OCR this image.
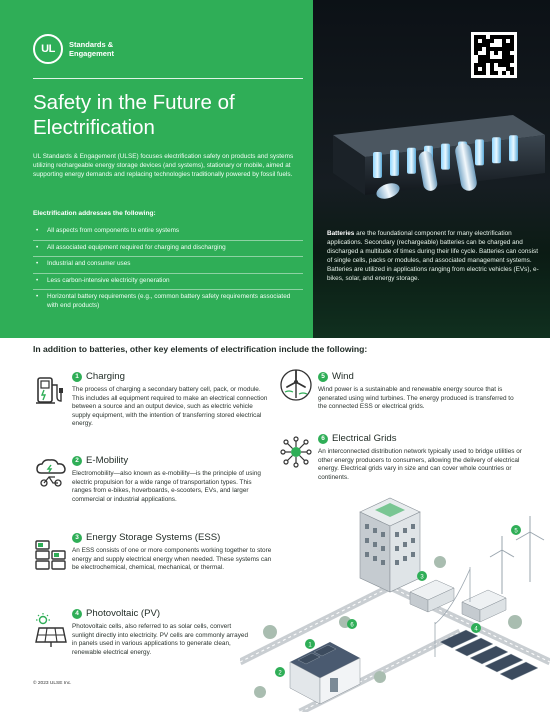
UL	Standards & Engagement
Safety in the Future of Electrification

UL Standards & Engagement (ULSE) focuses electrification safety on products and systems utilizing rechargeable energy storage devices (and systems), stationary or mobile, aimed at supporting energy demands and replacing technologies traditionally powered by fossil fuels.

Electrification addresses the following:
• All aspects from components to entire systems
• All associated equipment required for charging and discharging
• Industrial and consumer uses
• Less carbon-intensive electricity generation
• Horizontal battery requirements (e.g., common battery safety requirements associated with end products)

Batteries are the foundational component for many electrification applications. Secondary (rechargeable) batteries can be charged and discharged a multitude of times during their life cycle. Batteries can consist of single cells, packs or modules, and associated management systems. Batteries are utilized in applications ranging from electric vehicles (EVs), e-bikes, solar, and energy storage.

In addition to batteries, other key elements of electrification include the following:
1 Charging

The process of charging a secondary battery cell, pack, or module. This includes all equipment required to make an electrical connection between a source and an output device, such as electric vehicle supply equipment, with the intention of transferring stored electrical energy.

2 E-Mobility

Electromobility—also known as e-mobility—is the principle of using electric propulsion for a wide range of transportation types. This ranges from e-bikes, hoverboards, e-scooters, EVs, and larger commercial or industrial applications.

3 Energy Storage Systems (ESS)

An ESS consists of one or more components working together to store energy and supply electrical energy when needed. These systems can be electrochemical, chemical, mechanical, or thermal.

4 Photovoltaic (PV)

Photovoltaic cells, also referred to as solar cells, convert sunlight directly into electricity. PV cells are commonly arrayed in panels used in various applications to generate clean, renewable electrical energy.

5 Wind

Wind power is a sustainable and renewable energy source that is generated using wind turbines. The energy produced is transferred to the connected ESS or electrical grids.

6 Electrical Grids

An interconnected distribution network typically used to bridge utilities or other energy producers to consumers, allowing the delivery of electrical energy. Electrical grids vary in size and can cover whole countries or continents.

1
2
3
4
5
6
© 2023 ULSE Inc.
